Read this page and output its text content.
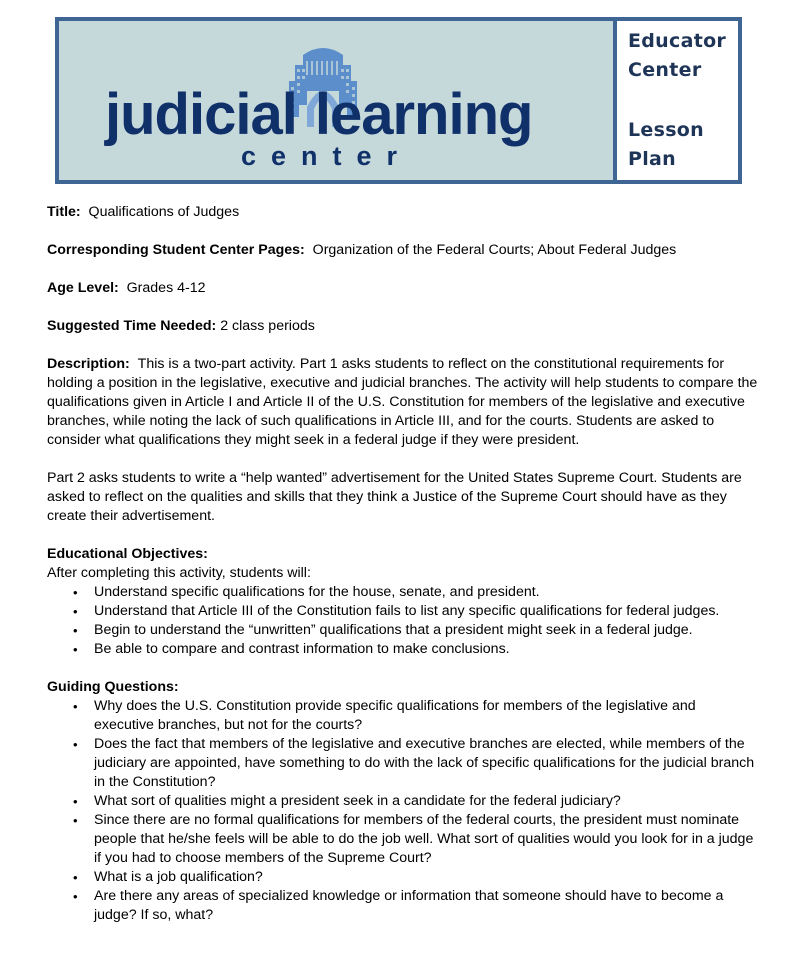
judicial learning
center
Educator
Center
Lesson
Plan

Title: Qualifications of Judges

Corresponding Student Center Pages: Organization of the Federal Courts; About Federal Judges

Age Level: Grades 4-12

Suggested Time Needed: 2 class periods

Description: This is a two-part activity. Part 1 asks students to reflect on the constitutional requirements for holding a position in the legislative, executive and judicial branches. The activity will help students to compare the qualifications given in Article I and Article II of the U.S. Constitution for members of the legislative and executive branches, while noting the lack of such qualifications in Article III, and for the courts. Students are asked to consider what qualifications they might seek in a federal judge if they were president.

Part 2 asks students to write a “help wanted” advertisement for the United States Supreme Court. Students are asked to reflect on the qualities and skills that they think a Justice of the Supreme Court should have as they create their advertisement.

Educational Objectives:

After completing this activity, students will:

• Understand specific qualifications for the house, senate, and president.
• Understand that Article III of the Constitution fails to list any specific qualifications for federal judges.
• Begin to understand the “unwritten” qualifications that a president might seek in a federal judge.
• Be able to compare and contrast information to make conclusions.

Guiding Questions:

• Why does the U.S. Constitution provide specific qualifications for members of the legislative and executive branches, but not for the courts?
• Does the fact that members of the legislative and executive branches are elected, while members of the judiciary are appointed, have something to do with the lack of specific qualifications for the judicial branch in the Constitution?
• What sort of qualities might a president seek in a candidate for the federal judiciary?
• Since there are no formal qualifications for members of the federal courts, the president must nominate people that he/she feels will be able to do the job well. What sort of qualities would you look for in a judge if you had to choose members of the Supreme Court?
• What is a job qualification?
• Are there any areas of specialized knowledge or information that someone should have to become a judge? If so, what?
